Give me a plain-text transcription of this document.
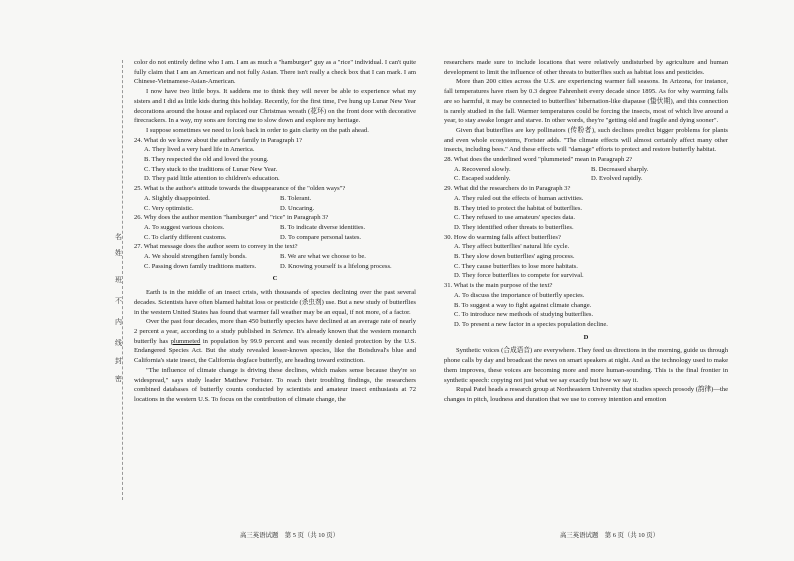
名
姓
班
不
内
线
封
密

color do not entirely define who I am. I am as much a "hamburger" guy as a "rice" individual. I can't quite fully claim that I am an American and not fully Asian. There isn't really a check box that I can mark. I am Chinese-Vietnamese-Asian-American.

I now have two little boys. It saddens me to think they will never be able to experience what my sisters and I did as little kids during this holiday. Recently, for the first time, I've hung up Lunar New Year decorations around the house and replaced our Christmas wreath (花环) on the front door with decorative firecrackers. In a way, my sons are forcing me to slow down and explore my heritage.

I suppose sometimes we need to look back in order to gain clarity on the path ahead.

24. What do we know about the author's family in Paragraph 1?

A. They lived a very hard life in America.

B. They respected the old and loved the young.

C. They stuck to the traditions of Lunar New Year.

D. They paid little attention to children's education.

25. What is the author's attitude towards the disappearance of the "olden ways"?

A. Slightly disappointed.	B. Tolerant.
C. Very optimistic.	D. Uncaring.

26. Why does the author mention "hamburger" and "rice" in Paragraph 3?

A. To suggest various choices.	B. To indicate diverse identities.
C. To clarify different customs.	D. To compare personal tastes.

27. What message does the author seem to convey in the text?

A. We should strengthen family bonds.	B. We are what we choose to be.
C. Passing down family traditions matters.	D. Knowing yourself is a lifelong process.

C

Earth is in the middle of an insect crisis, with thousands of species declining over the past several decades. Scientists have often blamed habitat loss or pesticide (杀虫剂) use. But a new study of butterflies in the western United States has found that warmer fall weather may be an equal, if not more, of a factor.

Over the past four decades, more than 450 butterfly species have declined at an average rate of nearly 2 percent a year, according to a study published in Science. It's already known that the western monarch butterfly has plummeted in population by 99.9 percent and was recently denied protection by the U.S. Endangered Species Act. But the study revealed lesser-known species, like the Boisduval's blue and California's state insect, the California dogface butterfly, are heading toward extinction.

"The influence of climate change is driving these declines, which makes sense because they're so widespread," says study leader Matthew Forister. To reach their troubling findings, the researchers combined databases of butterfly counts conducted by scientists and amateur insect enthusiasts at 72 locations in the western U.S. To focus on the contribution of climate change, the

researchers made sure to include locations that were relatively undisturbed by agriculture and human development to limit the influence of other threats to butterflies such as habitat loss and pesticides.

More than 200 cities across the U.S. are experiencing warmer fall seasons. In Arizona, for instance, fall temperatures have risen by 0.3 degree Fahrenheit every decade since 1895. As for why warming falls are so harmful, it may be connected to butterflies' hibernation-like diapause (蛰伏期), and this connection is rarely studied in the fall. Warmer temperatures could be forcing the insects, most of which live around a year, to stay awake longer and starve. In other words, they're "getting old and fragile and dying sooner".

Given that butterflies are key pollinators (传粉者), such declines predict bigger problems for plants and even whole ecosystems, Forister adds. "The climate effects will almost certainly affect many other insects, including bees." And these effects will "damage" efforts to protect and restore butterfly habitat.

28. What does the underlined word "plummeted" mean in Paragraph 2?

A. Recovered slowly.	B. Decreased sharply.
C. Escaped suddenly.	D. Evolved rapidly.

29. What did the researchers do in Paragraph 3?

A. They ruled out the effects of human activities.

B. They tried to protect the habitat of butterflies.

C. They refused to use amateurs' species data.

D. They identified other threats to butterflies.

30. How do warming falls affect butterflies?

A. They affect butterflies' natural life cycle.

B. They slow down butterflies' aging process.

C. They cause butterflies to lose more habitats.

D. They force butterflies to compete for survival.

31. What is the main purpose of the text?

A. To discuss the importance of butterfly species.

B. To suggest a way to fight against climate change.

C. To introduce new methods of studying butterflies.

D. To present a new factor in a species population decline.

D

Synthetic voices (合成语音) are everywhere. They feed us directions in the morning, guide us through phone calls by day and broadcast the news on smart speakers at night. And as the technology used to make them improves, these voices are becoming more and more human-sounding. This is the final frontier in synthetic speech: copying not just what we say exactly but how we say it.

Rupal Patel heads a research group at Northeastern University that studies speech prosody (韵律)—the changes in pitch, loudness and duration that we use to convey intention and emotion

高三英语试题　第 5 页（共 10 页）	高三英语试题　第 6 页（共 10 页）
